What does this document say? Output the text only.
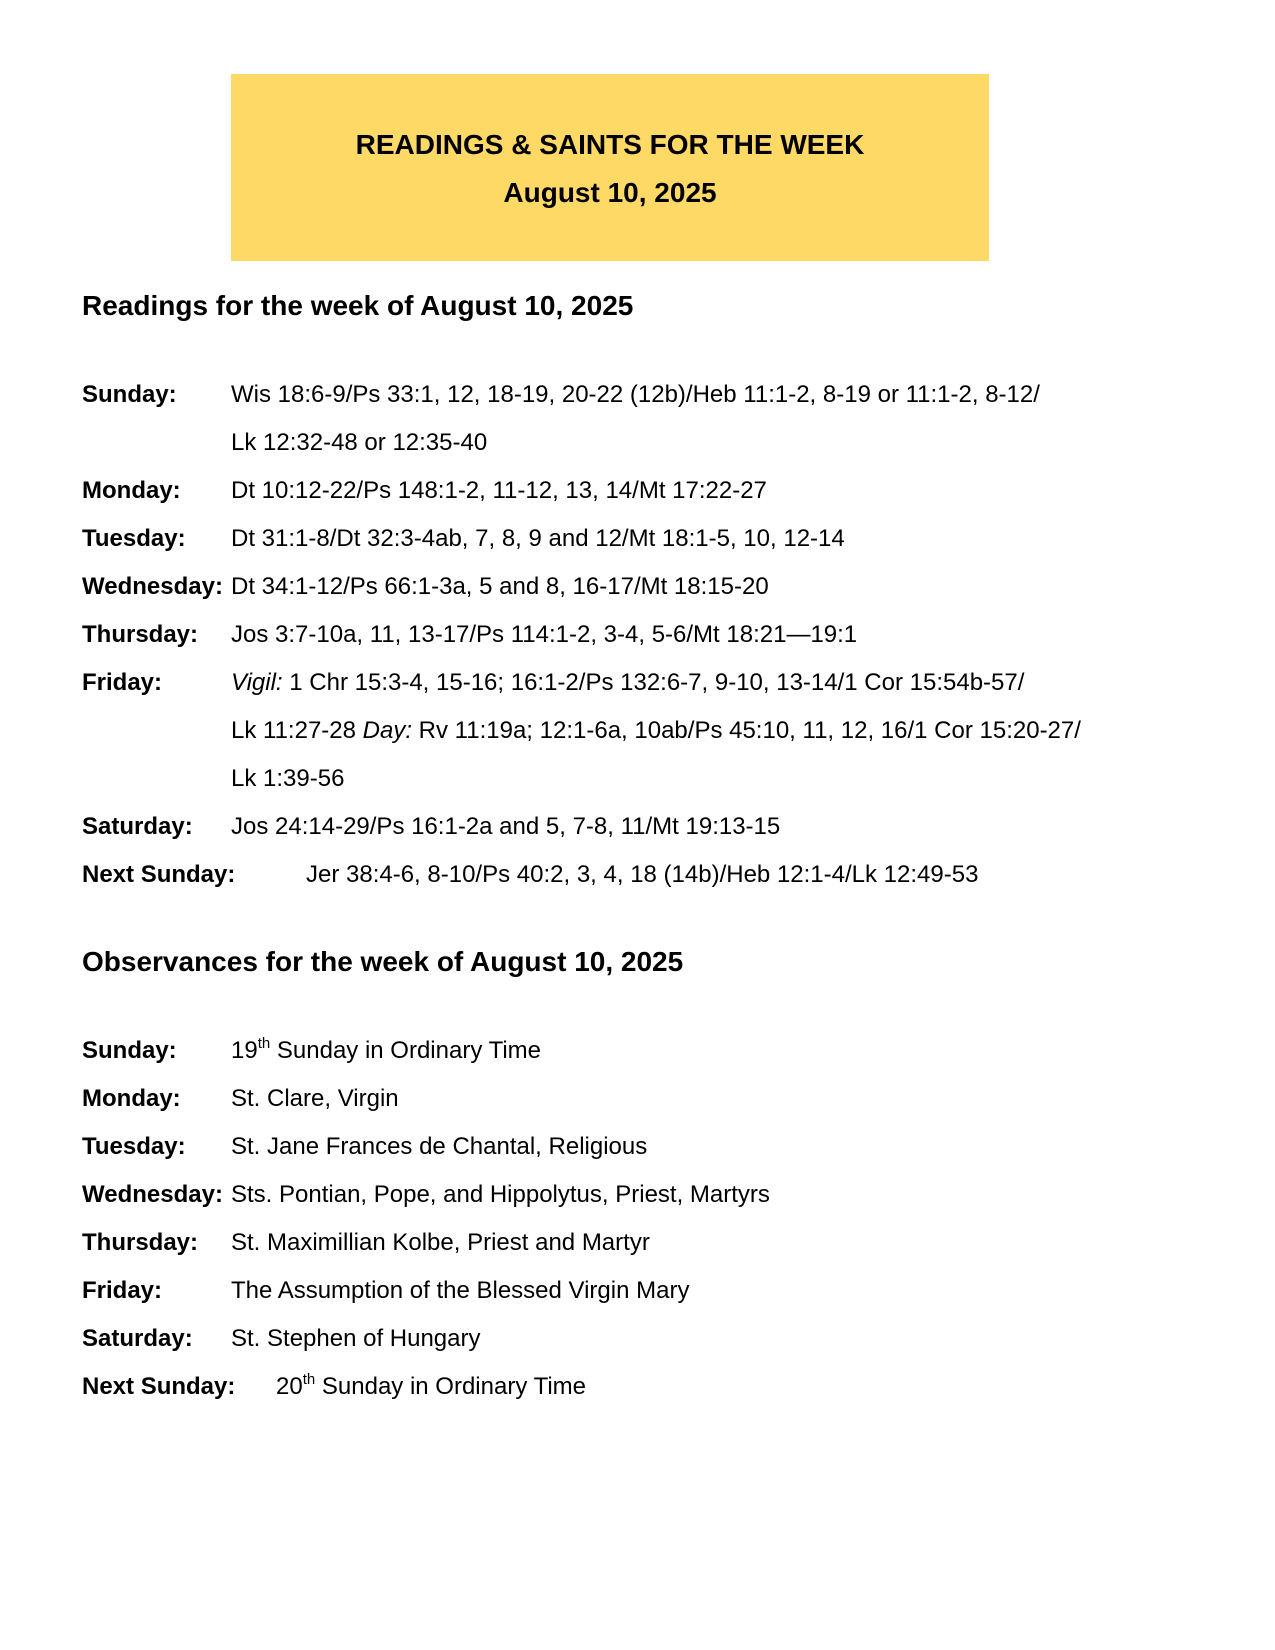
READINGS & SAINTS FOR THE WEEK
August 10, 2025
Readings for the week of August 10, 2025
Sunday: Wis 18:6-9/Ps 33:1, 12, 18-19, 20-22 (12b)/Heb 11:1-2, 8-19 or 11:1-2, 8-12/
Lk 12:32-48 or 12:35-40
Monday: Dt 10:12-22/Ps 148:1-2, 11-12, 13, 14/Mt 17:22-27
Tuesday: Dt 31:1-8/Dt 32:3-4ab, 7, 8, 9 and 12/Mt 18:1-5, 10, 12-14
Wednesday: Dt 34:1-12/Ps 66:1-3a, 5 and 8, 16-17/Mt 18:15-20
Thursday: Jos 3:7-10a, 11, 13-17/Ps 114:1-2, 3-4, 5-6/Mt 18:21—19:1
Friday:	Vigil: 1 Chr 15:3-4, 15-16; 16:1-2/Ps 132:6-7, 9-10, 13-14/1 Cor 15:54b-57/
Lk 11:27-28 Day: Rv 11:19a; 12:1-6a, 10ab/Ps 45:10, 11, 12, 16/1 Cor 15:20-27/
Lk 1:39-56
Saturday: Jos 24:14-29/Ps 16:1-2a and 5, 7-8, 11/Mt 19:13-15
Next Sunday:	Jer 38:4-6, 8-10/Ps 40:2, 3, 4, 18 (14b)/Heb 12:1-4/Lk 12:49-53
Observances for the week of August 10, 2025
Sunday: 19th Sunday in Ordinary Time
Monday: St. Clare, Virgin
Tuesday: St. Jane Frances de Chantal, Religious
Wednesday: Sts. Pontian, Pope, and Hippolytus, Priest, Martyrs
Thursday: St. Maximillian Kolbe, Priest and Martyr
Friday:	The Assumption of the Blessed Virgin Mary
Saturday: St. Stephen of Hungary
Next Sunday: 20th Sunday in Ordinary Time
